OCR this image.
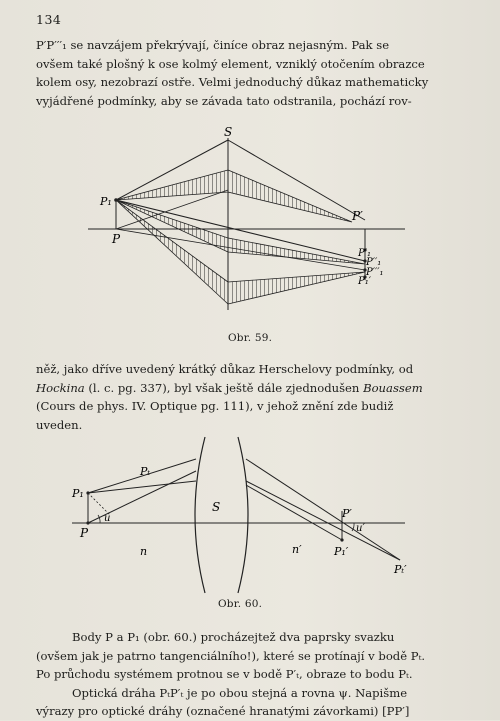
134

P′P′′′₁ se navzájem překrývají, činíce obraz nejasným. Pak se
ovšem také plošný k ose kolmý element, vzniklý otočením obrazce
kolem osy, nezobrazí ostře. Velmi jednoduchý důkaz mathematicky
vyjádřené podmínky, aby se závada tato odstranila, pochází rov-

S
P₁
P
P′
P′₁
P′′₁
P′′′₁
P₁′
Obr. 59.

něž, jako dříve uvedený krátký důkaz Herschelovy podmínky, od
Hockina (l. c. pg. 337), byl však ještě dále zjednodušen Bouassem
(Cours de phys. IV. Optique pg. 111), v jehož znění zde budiž
uveden.

Pₜ
P₁
P
u
S
n	n′
P′
u′
P₁′
Pₜ′
Obr. 60.

Body P a P₁ (obr. 60.) procházejtež dva paprsky svazku
(ovšem jak je patrno tangenciálního!), které se protínají v bodě Pₜ.
Po průchodu systémem protnou se v bodě P′ₜ, obraze to bodu Pₜ.
Optická dráha PₜP′ₜ je po obou stejná a rovna ψ. Napišme
výrazy pro optické dráhy (označené hranatými závorkami) [PP′]
